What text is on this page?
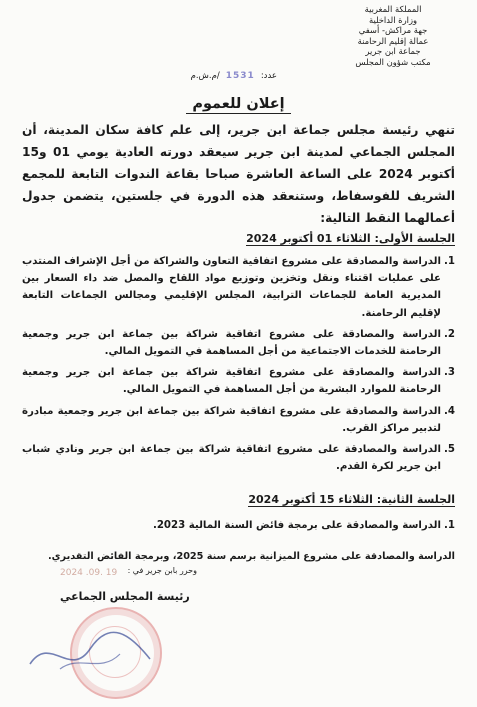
المملكة المغربية
وزارة الداخلية
جهة مراكش- أسفي
عمالة إقليم الرحامنة
جماعة ابن جرير
مكتب شؤون المجلس
عدد:
1531
/م.ش.م
إعلان للعموم
تنهي رئيسة مجلس جماعة ابن جرير، إلى علم كافة سكان المدينة، أن المجلس الجماعي لمدينة ابن جرير سيعقد دورته العادية يومي 01 و15 أكتوبر 2024 على الساعة العاشرة صباحا بقاعة الندوات التابعة للمجمع الشريف للفوسفاط، وستنعقد هذه الدورة في جلستين، يتضمن جدول أعمالهما النقط التالية:
الجلسة الأولى: الثلاثاء 01 أكتوبر 2024
1.
الدراسة والمصادقة على مشروع اتفاقية التعاون والشراكة من أجل الإشراف المنتدب على عمليات اقتناء ونقل وتخزين وتوزيع مواد اللقاح والمصل ضد داء السعار بين المديرية العامة للجماعات الترابية، المجلس الإقليمي ومجالس الجماعات التابعة لإقليم الرحامنة.
2.
الدراسة والمصادقة على مشروع اتفاقية شراكة بين جماعة ابن جرير وجمعية الرحامنة للخدمات الاجتماعية من أجل المساهمة في التمويل المالي.
3.
الدراسة والمصادقة على مشروع اتفاقية شراكة بين جماعة ابن جرير وجمعية الرحامنة للموارد البشرية من أجل المساهمة في التمويل المالي.
4.
الدراسة والمصادقة على مشروع اتفاقية شراكة بين جماعة ابن جرير وجمعية مبادرة لتدبير مراكز القرب.
5.
الدراسة والمصادقة على مشروع اتفاقية شراكة بين جماعة ابن جرير ونادي شباب ابن جرير لكرة القدم.
الجلسة الثانية: الثلاثاء 15 أكتوبر 2024
1.
الدراسة والمصادقة على برمجة فائض السنة المالية 2023.
الدراسة والمصادقة على مشروع الميزانية برسم سنة 2025، وبرمجة الفائض التقديري.
وحرر بابن جرير في :
2024 .09. 19
رئيسة المجلس الجماعي
